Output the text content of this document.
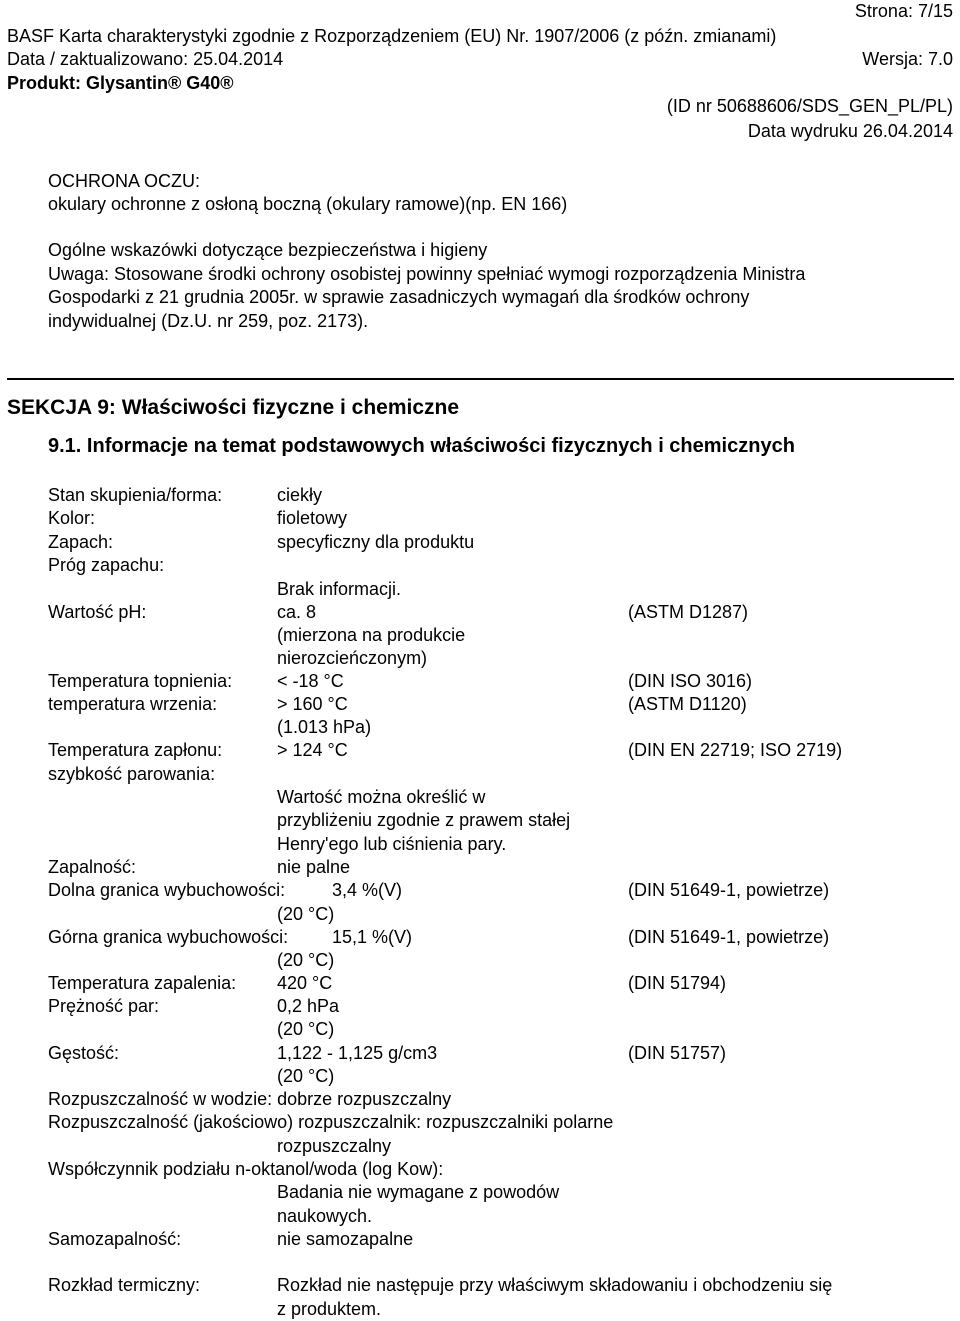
Strona: 7/15
BASF Karta charakterystyki zgodnie z Rozporządzeniem (EU) Nr. 1907/2006 (z późn. zmianami)
Data / zaktualizowano: 25.04.2014	Wersja: 7.0
Produkt: Glysantin® G40®
(ID nr 50688606/SDS_GEN_PL/PL)
Data wydruku 26.04.2014
OCHRONA OCZU:
okulary ochronne z osłoną boczną (okulary ramowe)(np. EN 166)
Ogólne wskazówki dotyczące bezpieczeństwa i higieny
Uwaga: Stosowane środki ochrony osobistej powinny spełniać wymogi rozporządzenia Ministra
Gospodarki z 21 grudnia 2005r. w sprawie zasadniczych wymagań dla środków ochrony
indywidualnej (Dz.U. nr 259, poz. 2173).
SEKCJA 9: Właściwości fizyczne i chemiczne
9.1. Informacje na temat podstawowych właściwości fizycznych i chemicznych
Stan skupienia/forma:	ciekły
Kolor:	fioletowy
Zapach:	specyficzny dla produktu
Próg zapachu:
Brak informacji.
Wartość pH:	ca. 8	(ASTM D1287)
(mierzona na produkcie
nierozcieńczonym)
Temperatura topnienia: < -18 °C	(DIN ISO 3016)
temperatura wrzenia:	> 160 °C	(ASTM D1120)
(1.013 hPa)
Temperatura zapłonu:	> 124 °C	(DIN EN 22719; ISO 2719)
szybkość parowania:
Wartość można określić w
przybliżeniu zgodnie z prawem stałej
Henry'ego lub ciśnienia pary.
Zapalność:	nie palne
Dolna granica wybuchowości:	3,4 %(V)	(DIN 51649-1, powietrze)
(20 °C)
Górna granica wybuchowości: 15,1 %(V)	(DIN 51649-1, powietrze)
(20 °C)
Temperatura zapalenia: 420 °C	(DIN 51794)
Prężność par:	0,2 hPa
(20 °C)
Gęstość:	1,122 - 1,125 g/cm3	(DIN 51757)
(20 °C)
Rozpuszczalność w wodzie: dobrze rozpuszczalny
Rozpuszczalność (jakościowo) rozpuszczalnik: rozpuszczalniki polarne
rozpuszczalny
Współczynnik podziału n-oktanol/woda (log Kow):
Badania nie wymagane z powodów
naukowych.
Samozapalność:	nie samozapalne
Rozkład termiczny:	Rozkład nie następuje przy właściwym składowaniu i obchodzeniu się
z produktem.
